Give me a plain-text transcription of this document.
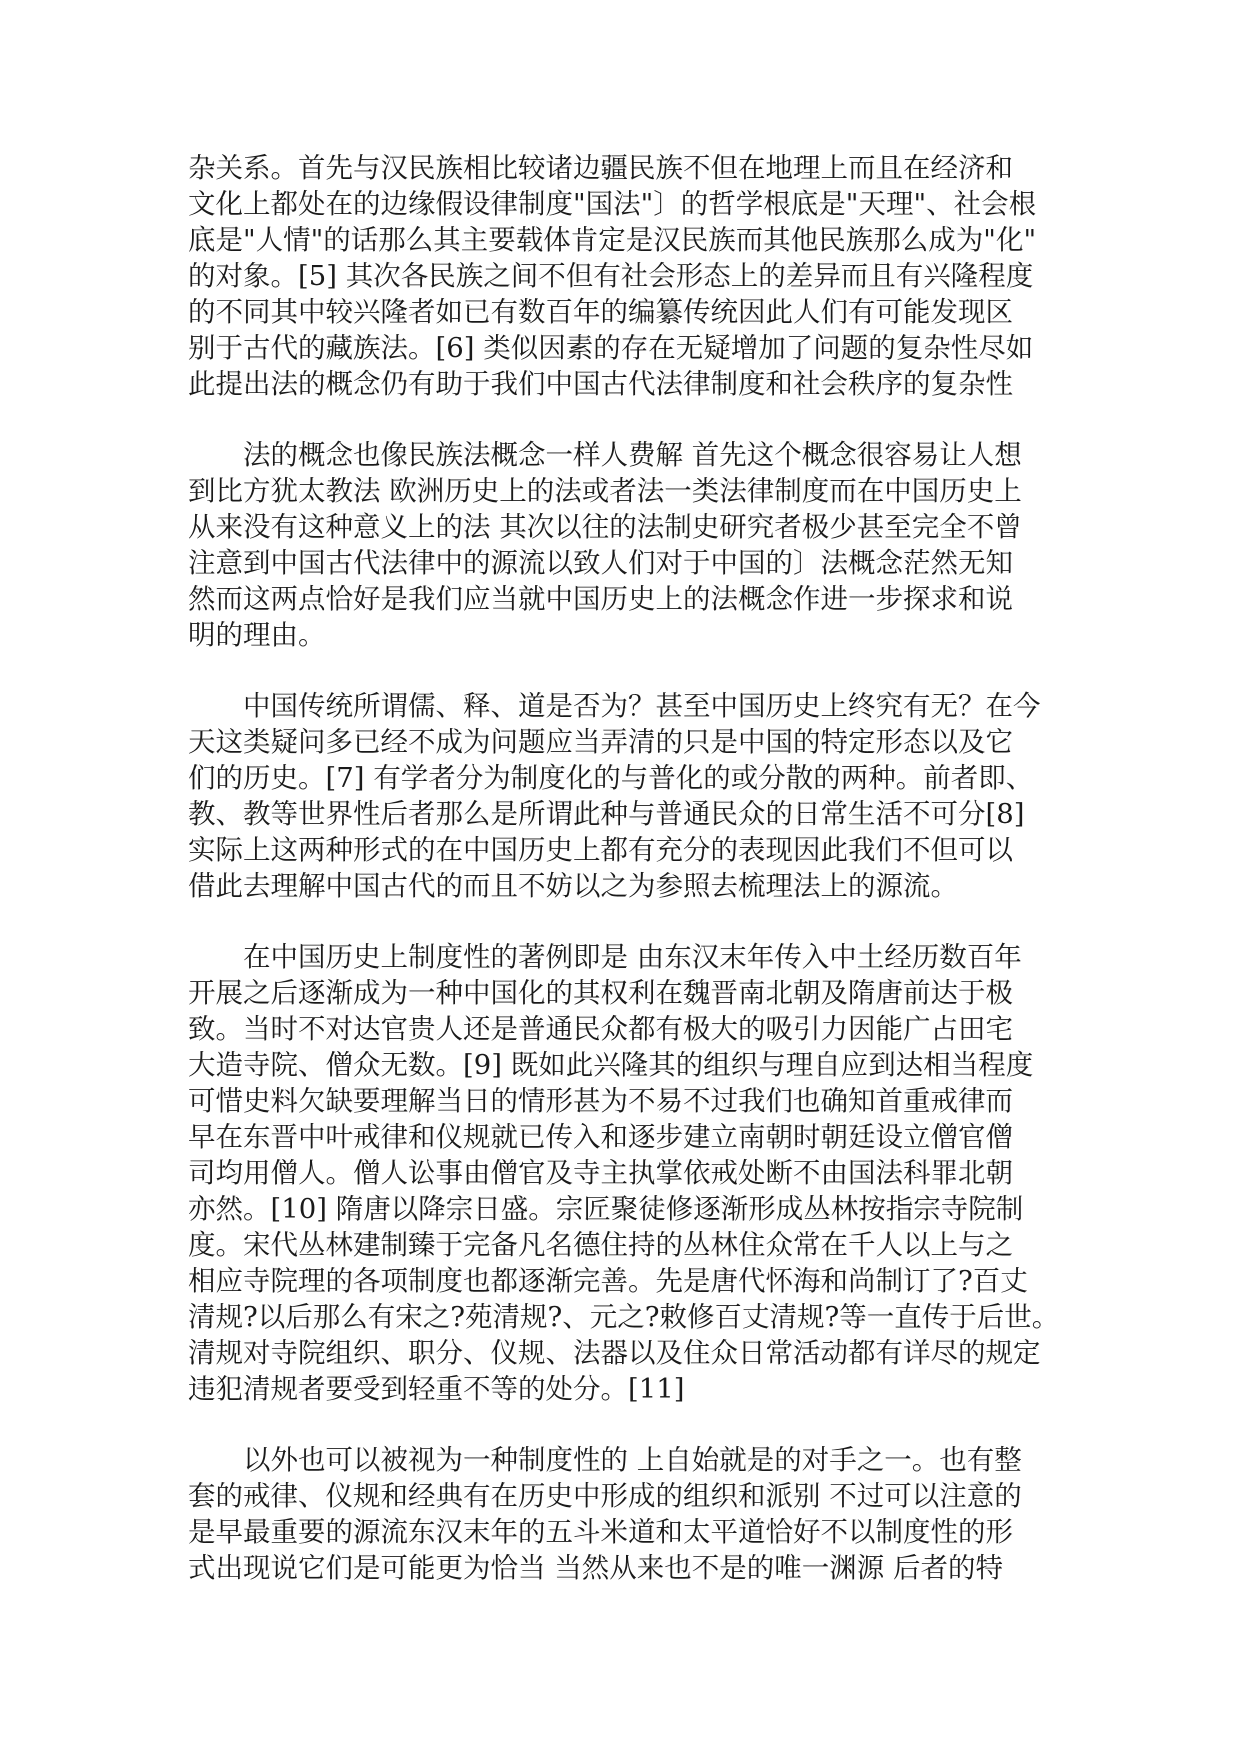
杂关系。首先与汉民族相比较诸边疆民族不但在地理上而且在经济和
文化上都处在的边缘假设律制度"国法"〕的哲学根底是"天理"、社会根
底是"人情"的话那么其主要载体肯定是汉民族而其他民族那么成为"化"
的对象。[5] 其次各民族之间不但有社会形态上的差异而且有兴隆程度
的不同其中较兴隆者如已有数百年的编纂传统因此人们有可能发现区
别于古代的藏族法。[6] 类似因素的存在无疑增加了问题的复杂性尽如
此提出法的概念仍有助于我们中国古代法律制度和社会秩序的复杂性
法的概念也像民族法概念一样人费解 首先这个概念很容易让人想
到比方犹太教法 欧洲历史上的法或者法一类法律制度而在中国历史上
从来没有这种意义上的法 其次以往的法制史研究者极少甚至完全不曾
注意到中国古代法律中的源流以致人们对于中国的〕法概念茫然无知
然而这两点恰好是我们应当就中国历史上的法概念作进一步探求和说
明的理由。
中国传统所谓儒、释、道是否为？甚至中国历史上终究有无？在今
天这类疑问多已经不成为问题应当弄清的只是中国的特定形态以及它
们的历史。[7] 有学者分为制度化的与普化的或分散的两种。前者即、
教、教等世界性后者那么是所谓此种与普通民众的日常生活不可分[8]
实际上这两种形式的在中国历史上都有充分的表现因此我们不但可以
借此去理解中国古代的而且不妨以之为参照去梳理法上的源流。
在中国历史上制度性的著例即是 由东汉末年传入中土经历数百年
开展之后逐渐成为一种中国化的其权利在魏晋南北朝及隋唐前达于极
致。当时不对达官贵人还是普通民众都有极大的吸引力因能广占田宅
大造寺院、僧众无数。[9] 既如此兴隆其的组织与理自应到达相当程度
可惜史料欠缺要理解当日的情形甚为不易不过我们也确知首重戒律而
早在东晋中叶戒律和仪规就已传入和逐步建立南朝时朝廷设立僧官僧
司均用僧人。僧人讼事由僧官及寺主执掌依戒处断不由国法科罪北朝
亦然。[10] 隋唐以降宗日盛。宗匠聚徒修逐渐形成丛林按指宗寺院制
度。宋代丛林建制臻于完备凡名德住持的丛林住众常在千人以上与之
相应寺院理的各项制度也都逐渐完善。先是唐代怀海和尚制订了?百丈
清规?以后那么有宋之?苑清规?、元之?敕修百丈清规?等一直传于后世。
清规对寺院组织、职分、仪规、法器以及住众日常活动都有详尽的规定
违犯清规者要受到轻重不等的处分。[11]
以外也可以被视为一种制度性的 上自始就是的对手之一。也有整
套的戒律、仪规和经典有在历史中形成的组织和派别 不过可以注意的
是早最重要的源流东汉末年的五斗米道和太平道恰好不以制度性的形
式出现说它们是可能更为恰当 当然从来也不是的唯一渊源 后者的特
